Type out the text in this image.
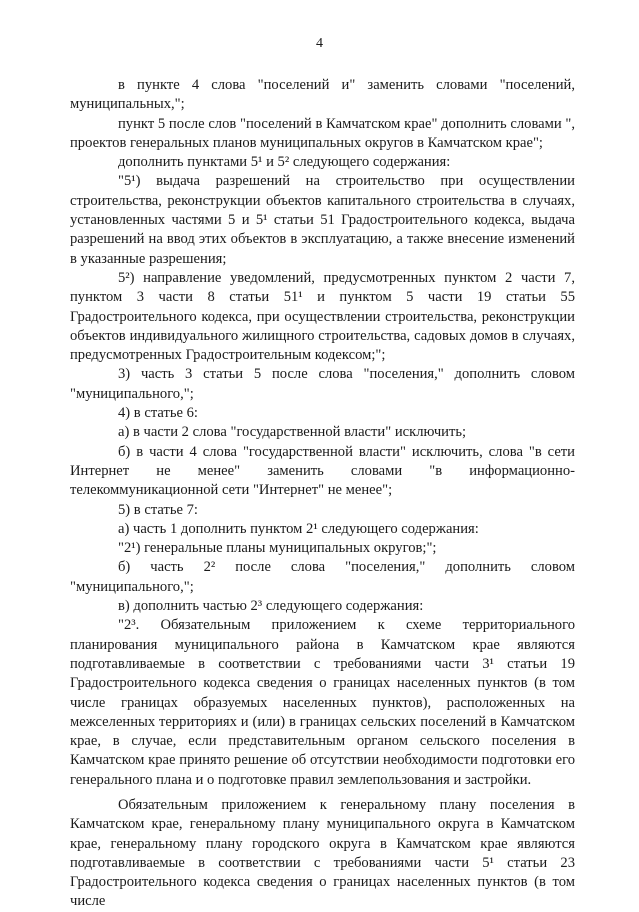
4

в пункте 4 слова "поселений и" заменить словами "поселений, муниципальных,";

пункт 5 после слов "поселений в Камчатском крае" дополнить словами ", проектов генеральных планов муниципальных округов в Камчатском крае";

дополнить пунктами 5¹ и 5² следующего содержания:

"5¹) выдача разрешений на строительство при осуществлении строительства, реконструкции объектов капитального строительства в случаях, установленных частями 5 и 5¹ статьи 51 Градостроительного кодекса, выдача разрешений на ввод этих объектов в эксплуатацию, а также внесение изменений в указанные разрешения;

5²) направление уведомлений, предусмотренных пунктом 2 части 7, пунктом 3 части 8 статьи 51¹ и пунктом 5 части 19 статьи 55 Градостроительного кодекса, при осуществлении строительства, реконструкции объектов индивидуального жилищного строительства, садовых домов в случаях, предусмотренных Градостроительным кодексом;";

3) часть 3 статьи 5 после слова "поселения," дополнить словом "муниципального,";

4) в статье 6:

а) в части 2 слова "государственной власти" исключить;

б) в части 4 слова "государственной власти" исключить, слова "в сети Интернет не менее" заменить словами "в информационно-телекоммуникационной сети "Интернет" не менее";

5) в статье 7:

а) часть 1 дополнить пунктом 2¹ следующего содержания:

"2¹) генеральные планы муниципальных округов;";

б) часть 2² после слова "поселения," дополнить словом "муниципального,";

в) дополнить частью 2³ следующего содержания:

"2³. Обязательным приложением к схеме территориального планирования муниципального района в Камчатском крае являются подготавливаемые в соответствии с требованиями части 3¹ статьи 19 Градостроительного кодекса сведения о границах населенных пунктов (в том числе границах образуемых населенных пунктов), расположенных на межселенных территориях и (или) в границах сельских поселений в Камчатском крае, в случае, если представительным органом сельского поселения в Камчатском крае принято решение об отсутствии необходимости подготовки его генерального плана и о подготовке правил землепользования и застройки.

Обязательным приложением к генеральному плану поселения в Камчатском крае, генеральному плану муниципального округа в Камчатском крае, генеральному плану городского округа в Камчатском крае являются подготавливаемые в соответствии с требованиями части 5¹ статьи 23 Градостроительного кодекса сведения о границах населенных пунктов (в том числе
